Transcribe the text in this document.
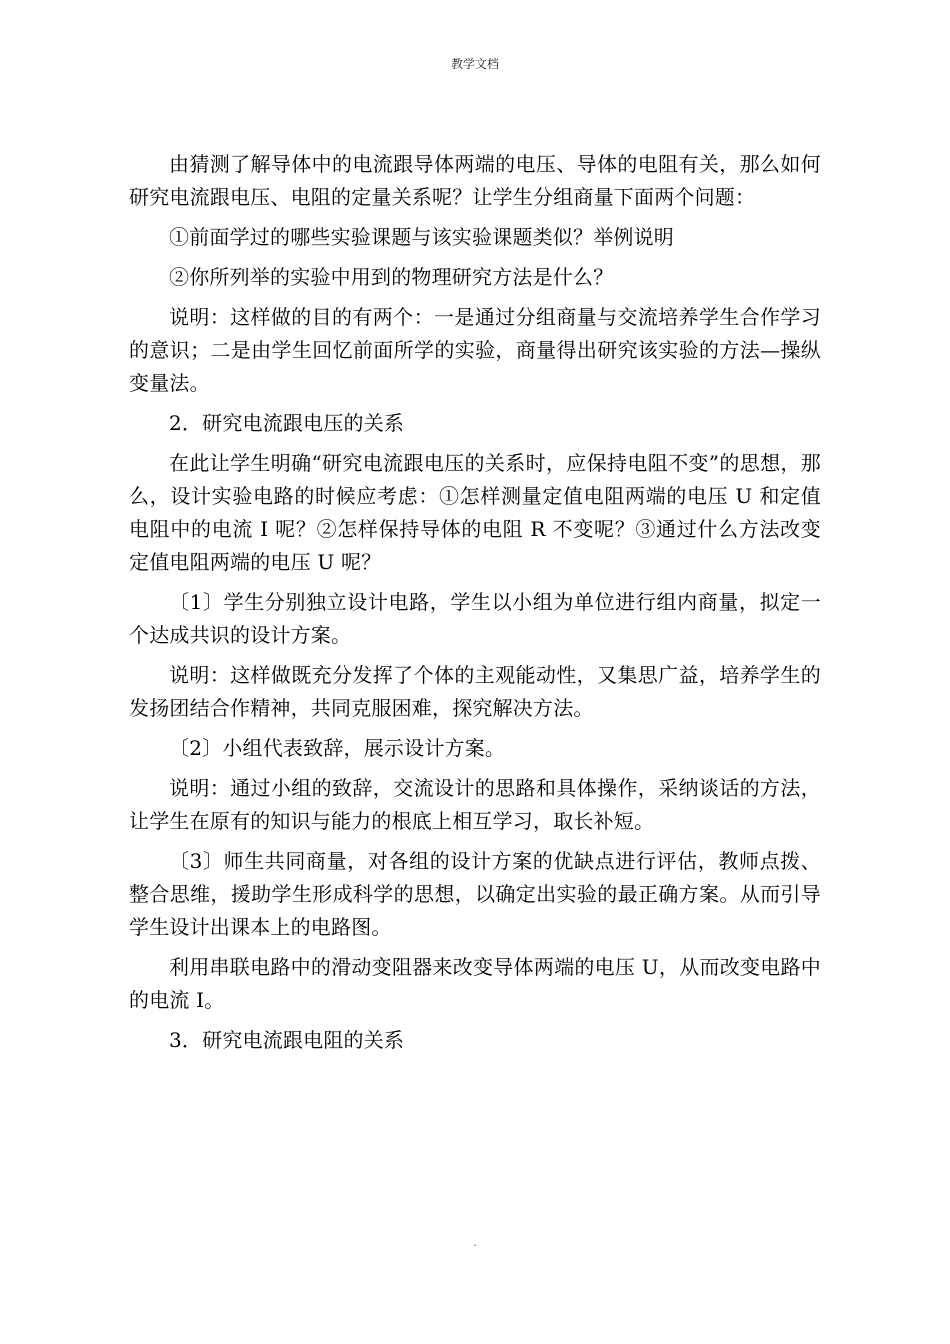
教学文档

由猜测了解导体中的电流跟导体两端的电压、导体的电阻有关，那么如何研究电流跟电压、电阻的定量关系呢？让学生分组商量下面两个问题：

①前面学过的哪些实验课题与该实验课题类似？举例说明

②你所列举的实验中用到的物理研究方法是什么？

说明：这样做的目的有两个：一是通过分组商量与交流培养学生合作学习的意识；二是由学生回忆前面所学的实验，商量得出研究该实验的方法—操纵变量法。

2．研究电流跟电压的关系

在此让学生明确“研究电流跟电压的关系时，应保持电阻不变”的思想，那么，设计实验电路的时候应考虑：①怎样测量定值电阻两端的电压 U 和定值电阻中的电流 I 呢？②怎样保持导体的电阻 R 不变呢？③通过什么方法改变定值电阻两端的电压 U 呢？

〔1〕学生分别独立设计电路，学生以小组为单位进行组内商量，拟定一个达成共识的设计方案。

说明：这样做既充分发挥了个体的主观能动性，又集思广益，培养学生的发扬团结合作精神，共同克服困难，探究解决方法。

〔2〕小组代表致辞，展示设计方案。

说明：通过小组的致辞，交流设计的思路和具体操作，采纳谈话的方法，让学生在原有的知识与能力的根底上相互学习，取长补短。

〔3〕师生共同商量，对各组的设计方案的优缺点进行评估，教师点拨、整合思维，援助学生形成科学的思想，以确定出实验的最正确方案。从而引导学生设计出课本上的电路图。

利用串联电路中的滑动变阻器来改变导体两端的电压 U，从而改变电路中的电流 I。

3．研究电流跟电阻的关系

.
